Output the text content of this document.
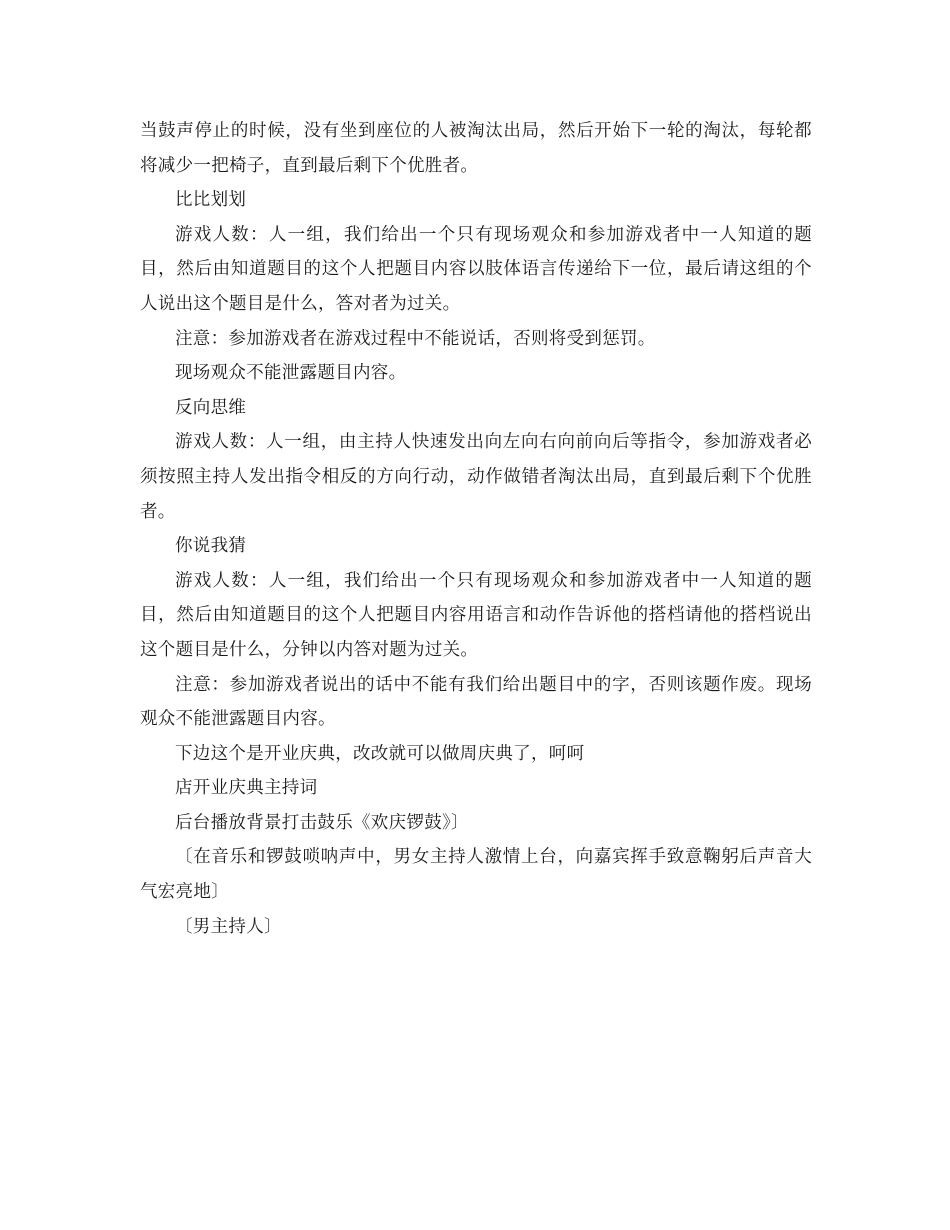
当鼓声停止的时候，没有坐到座位的人被淘汰出局，然后开始下一轮的淘汰，每轮都将减少一把椅子，直到最后剩下个优胜者。

比比划划

游戏人数：人一组，我们给出一个只有现场观众和参加游戏者中一人知道的题目，然后由知道题目的这个人把题目内容以肢体语言传递给下一位，最后请这组的个人说出这个题目是什么，答对者为过关。

注意：参加游戏者在游戏过程中不能说话，否则将受到惩罚。

现场观众不能泄露题目内容。

反向思维

游戏人数：人一组，由主持人快速发出向左向右向前向后等指令，参加游戏者必须按照主持人发出指令相反的方向行动，动作做错者淘汰出局，直到最后剩下个优胜者。

你说我猜

游戏人数：人一组，我们给出一个只有现场观众和参加游戏者中一人知道的题目，然后由知道题目的这个人把题目内容用语言和动作告诉他的搭档请他的搭档说出这个题目是什么，分钟以内答对题为过关。

注意：参加游戏者说出的话中不能有我们给出题目中的字，否则该题作废。现场观众不能泄露题目内容。

下边这个是开业庆典，改改就可以做周庆典了，呵呵

店开业庆典主持词

后台播放背景打击鼓乐《欢庆锣鼓》〕

〔在音乐和锣鼓唢呐声中，男女主持人激情上台，向嘉宾挥手致意鞠躬后声音大气宏亮地〕

〔男主持人〕
